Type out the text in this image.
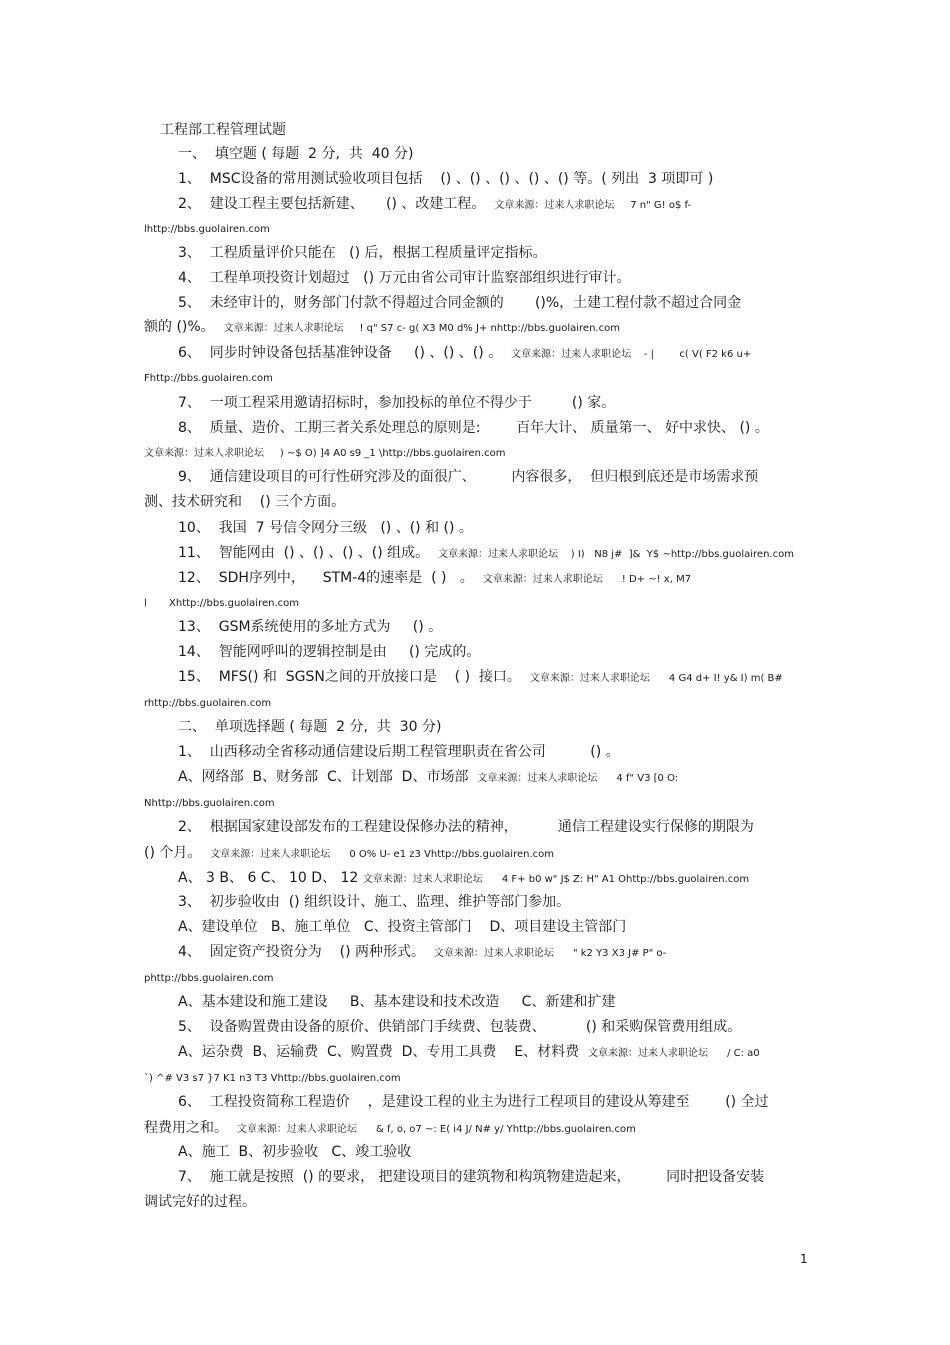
工程部工程管理试题
一、  填空题 ( 每题  2 分,  共  40 分)
1、  MSC设备的常用测试验收项目包括    () 、() 、() 、() 、() 等。( 列出  3 项即可 )
2、  建设工程主要包括新建、     () 、改建工程。 文章来源：过来人求职论坛     7 n" G! o$ f-
lhttp://bbs.guolairen.com
3、  工程质量评价只能在   () 后，根据工程质量评定指标。
4、  工程单项投资计划超过   () 万元由省公司审计监察部组织进行审计。
5、  未经审计的，财务部门付款不得超过合同金额的       ()%，土建工程付款不超过合同金
额的 ()%。 文章来源：过来人求职论坛     ! q" S7 c- g( X3 M0 d% J+ nhttp://bbs.guolairen.com
6、  同步时钟设备包括基准钟设备     () 、() 、() 。 文章来源：过来人求职论坛    - |        c( V( F2 k6 u+
Fhttp://bbs.guolairen.com
7、  一项工程采用邀请招标时，参加投标的单位不得少于         () 家。
8、  质量、造价、工期三者关系处理总的原则是:        百年大计、 质量第一、 好中求快、 () 。
文章来源：过来人求职论坛     ) ~$ O) ]4 A0 s9 _1 \http://bbs.guolairen.com
9、  通信建设项目的可行性研究涉及的面很广、        内容很多，  但归根到底还是市场需求预
测、技术研究和    () 三个方面。
10、  我国  7 号信令网分三级   () 、() 和 () 。
11、  智能网由  () 、() 、() 、() 组成。 文章来源：过来人求职论坛    ) I)   N8 j#  ]&  Y$ ~http://bbs.guolairen.com
12、  SDH序列中，    STM-4的速率是  ( )   。 文章来源：过来人求职论坛      ! D+ ~! x, M7
l       Xhttp://bbs.guolairen.com
13、  GSM系统使用的多址方式为     () 。
14、  智能网呼叫的逻辑控制是由     () 完成的。
15、  MFS() 和  SGSN之间的开放接口是    ( )  接口。 文章来源：过来人求职论坛      4 G4 d+ I! y& I) m( B#
rhttp://bbs.guolairen.com
二、  单项选择题 ( 每题  2 分,  共  30 分)
1、  山西移动全省移动通信建设后期工程管理职责在省公司          () 。
A、网络部  B、财务部  C、计划部  D、市场部 文章来源：过来人求职论坛      4 f" V3 [0 O:
Nhttp://bbs.guolairen.com
2、  根据国家建设部发布的工程建设保修办法的精神，         通信工程建设实行保修的期限为
() 个月。 文章来源：过来人求职论坛      0 O% U- e1 z3 Vhttp://bbs.guolairen.com
A、 3 B、 6 C、 10 D、 12 文章来源：过来人求职论坛      4 F+ b0 w" J$ Z: H" A1 Ohttp://bbs.guolairen.com
3、  初步验收由  () 组织设计、施工、监理、维护等部门参加。
A、建设单位   B、施工单位   C、投资主管部门    D、项目建设主管部门
4、  固定资产投资分为    () 两种形式。 文章来源：过来人求职论坛      " k2 Y3 X3 J# P" o-
phttp://bbs.guolairen.com
A、基本建设和施工建设     B、基本建设和技术改造     C、新建和扩建
5、  设备购置费由设备的原价、供销部门手续费、包装费、         () 和采购保管费用组成。
A、运杂费  B、运输费  C、购置费  D、专用工具费    E、材料费 文章来源：过来人求职论坛      / C: a0
`) ^# V3 s7 }7 K1 n3 T3 Vhttp://bbs.guolairen.com
6、  工程投资简称工程造价    ，是建设工程的业主为进行工程项目的建设从筹建至        () 全过
程费用之和。 文章来源：过来人求职论坛      & f, o, o7 ~: E( i4 J/ N# y/ Yhttp://bbs.guolairen.com
A、施工  B、初步验收   C、竣工验收
7、  施工就是按照  () 的要求， 把建设项目的建筑物和构筑物建造起来，        同时把设备安装
调试完好的过程。
1
